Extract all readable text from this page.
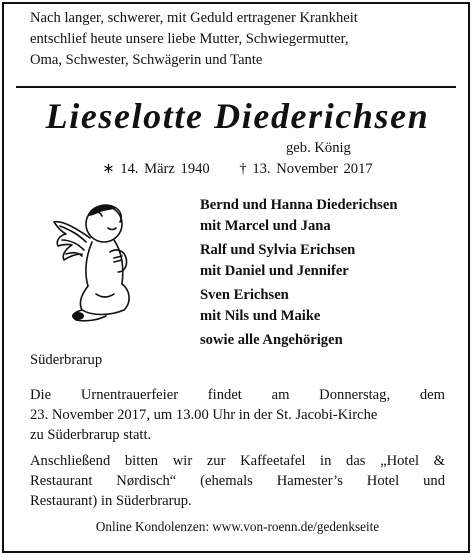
Nach langer, schwerer, mit Geduld ertragener Krankheit
entschlief heute unsere liebe Mutter, Schwiegermutter,
Oma, Schwester, Schwägerin und Tante
Lieselotte Diederichsen
geb. König
∗ 14. März 1940 † 13. November 2017
Bernd und Hanna Diederichsen
mit Marcel und Jana
Ralf und Sylvia Erichsen
mit Daniel und Jennifer
Sven Erichsen
mit Nils und Maike
sowie alle Angehörigen
Süderbrarup
Die Urnentrauerfeier findet am Donnerstag, dem
23. November 2017, um 13.00 Uhr in der St. Jacobi-Kirche
zu Süderbrarup statt.
Anschließend bitten wir zur Kaffeetafel in das „Hotel &
Restaurant Nørdisch“ (ehemals Hamester’s Hotel und
Restaurant) in Süderbrarup.
Online Kondolenzen: www.von-roenn.de/gedenkseite
